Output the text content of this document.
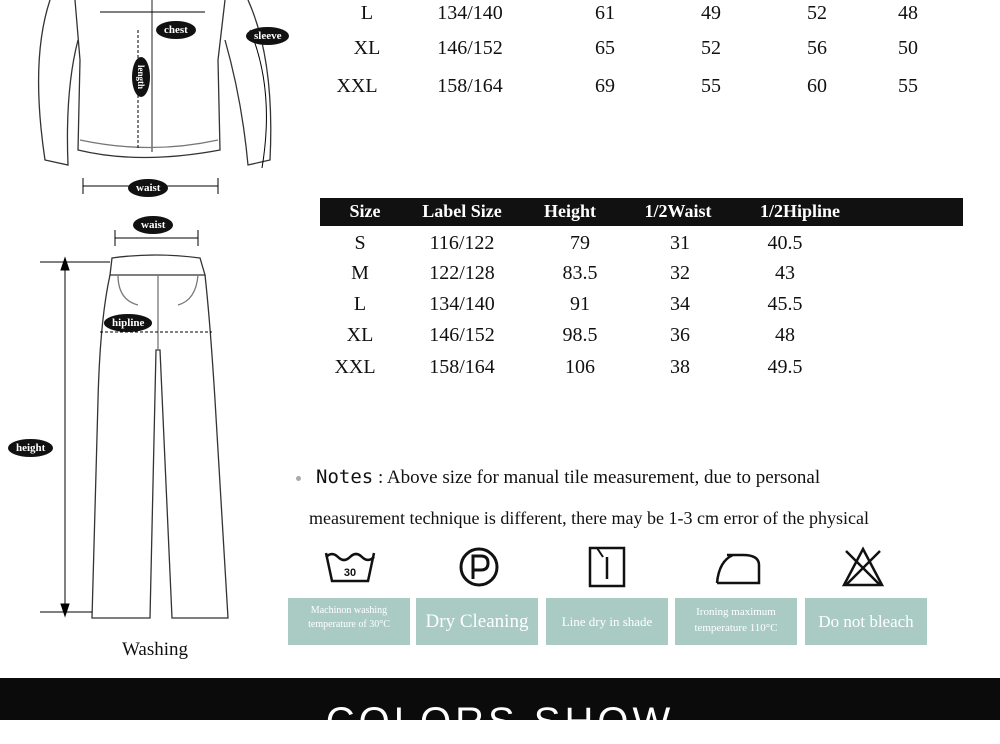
chest	sleeve
length
waist
waist
hipline
height
Washing
L	134/140	61	49	52	48
XL	146/152	65	52	56	50
XXL	158/164	69	55	60	55
Size	Label Size	Height	1/2Waist	1/2Hipline
S	116/122	79	31	40.5
M	122/128	83.5	32	43
L	134/140	91	34	45.5
XL	146/152	98.5	36	48
XXL	158/164	106	38	49.5
Notes : Above size for manual tile measurement, due to personal
measurement technique is different, there may be 1-3 cm error of the physical
30
Machinon washing
temperature of 30°C	Dry Cleaning	Line dry in shade
Ironing maximum
temperature 110°C	Do not bleach
COLORS SHOW
